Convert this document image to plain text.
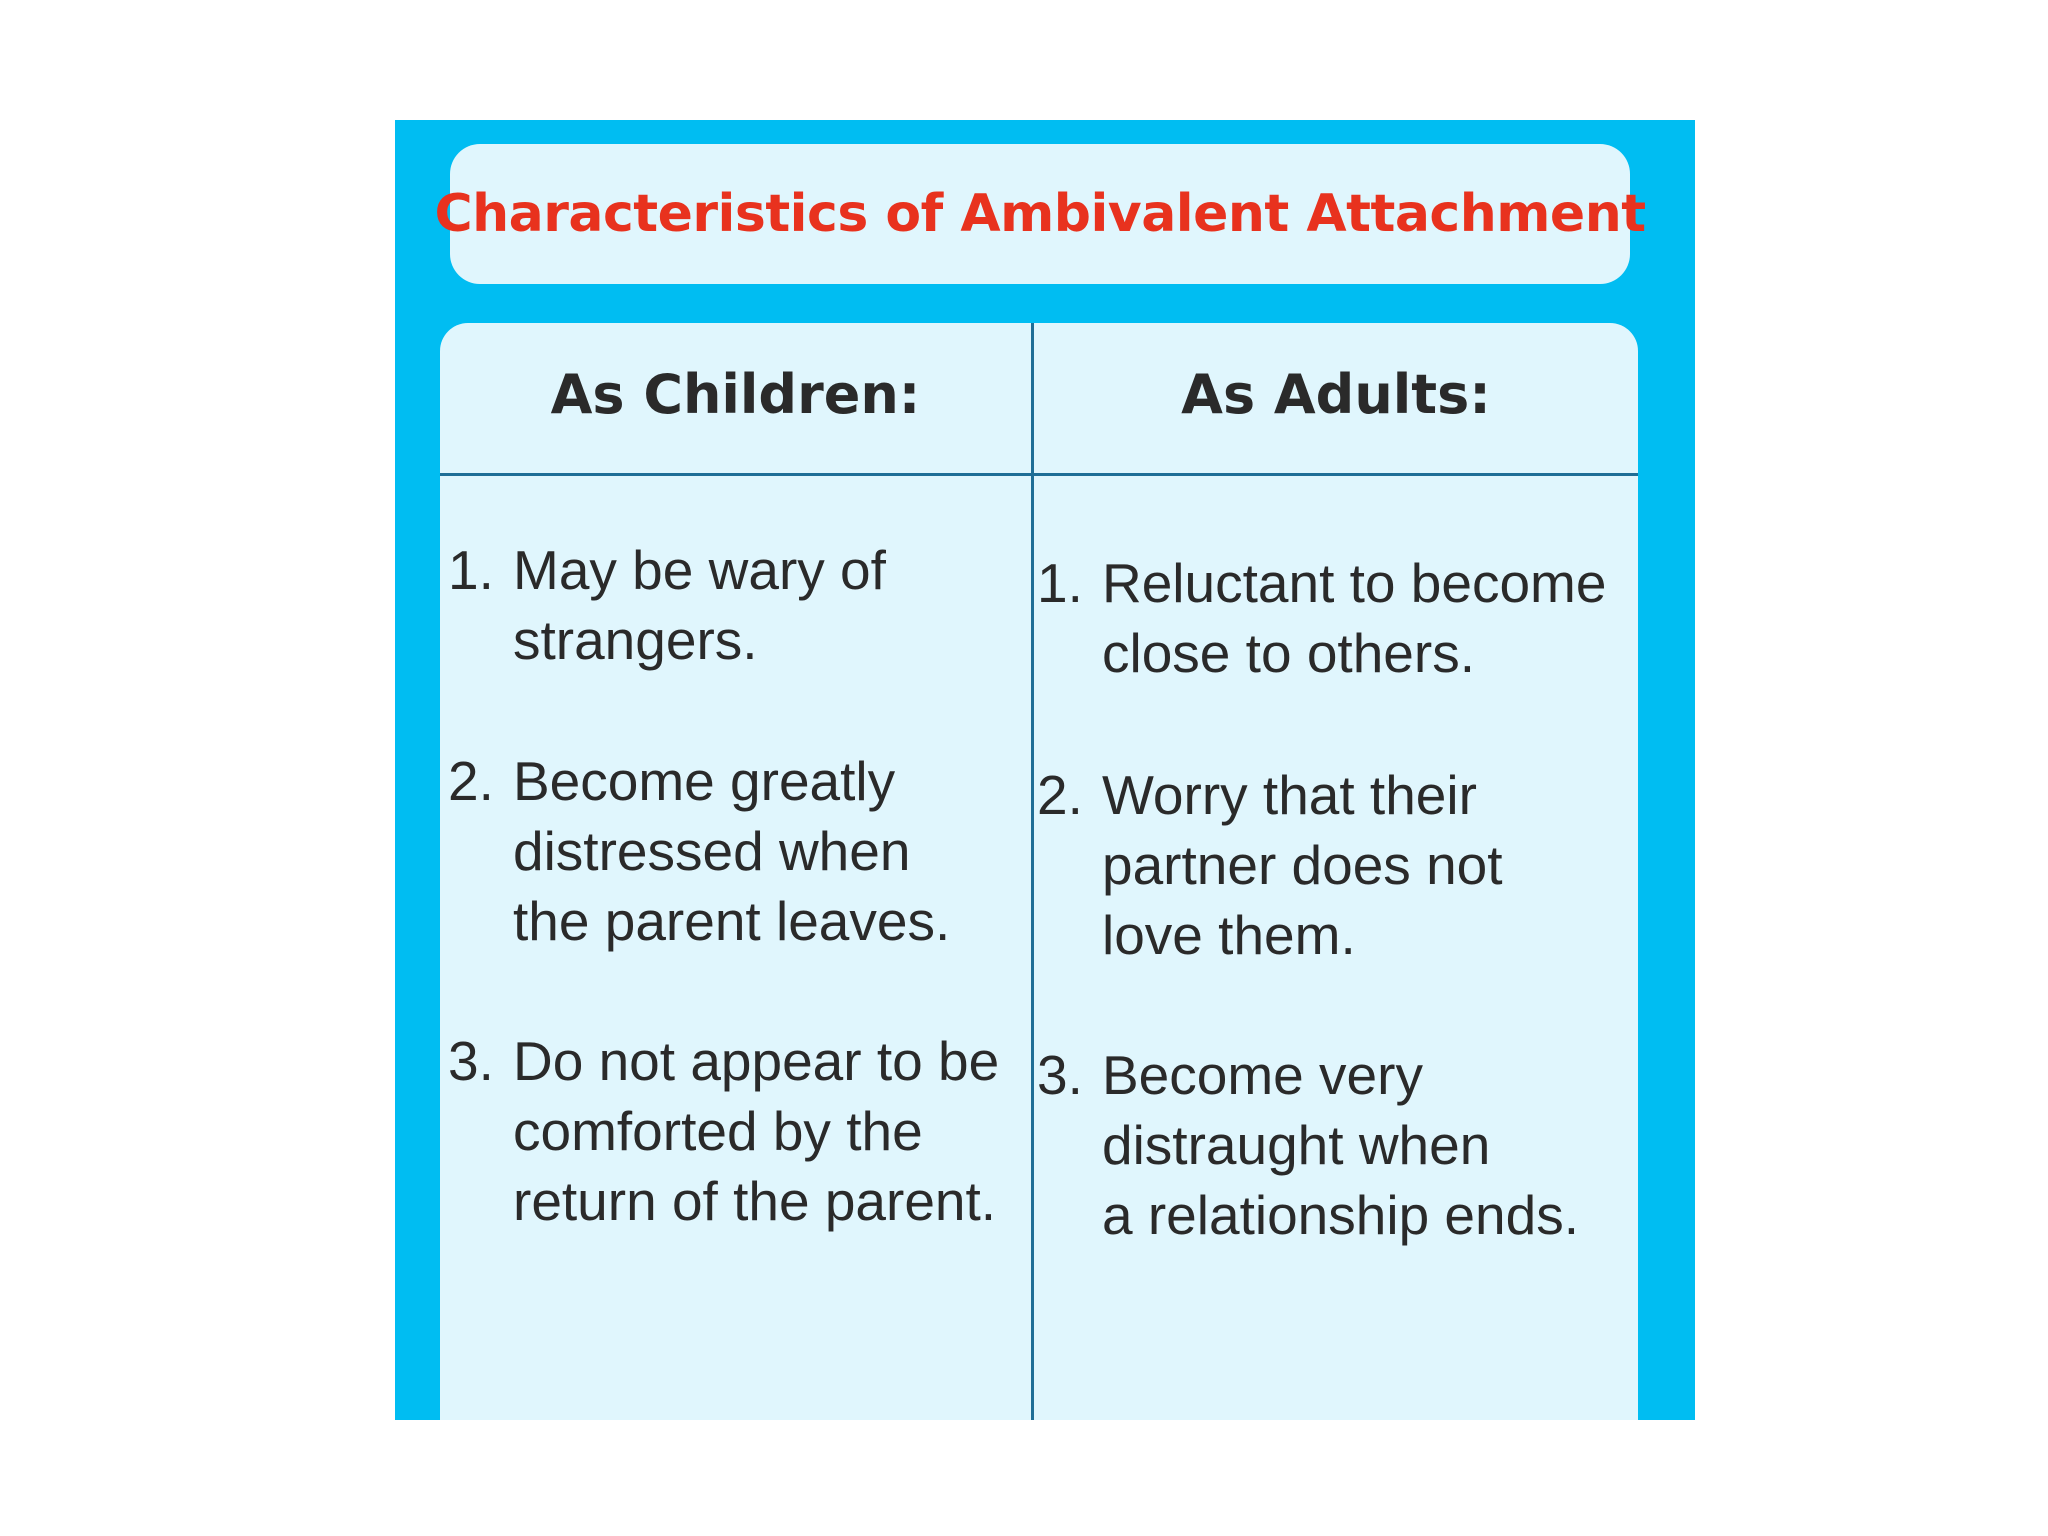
Characteristics of Ambivalent Attachment
As Children:	As Adults:
1. May be wary of
strangers.
2. Become greatly
distressed when
the parent leaves.
3. Do not appear to be
comforted by the
return of the parent.
1. Reluctant to become
close to others.
2. Worry that their
partner does not
love them.
3. Become very
distraught when
a relationship ends.
